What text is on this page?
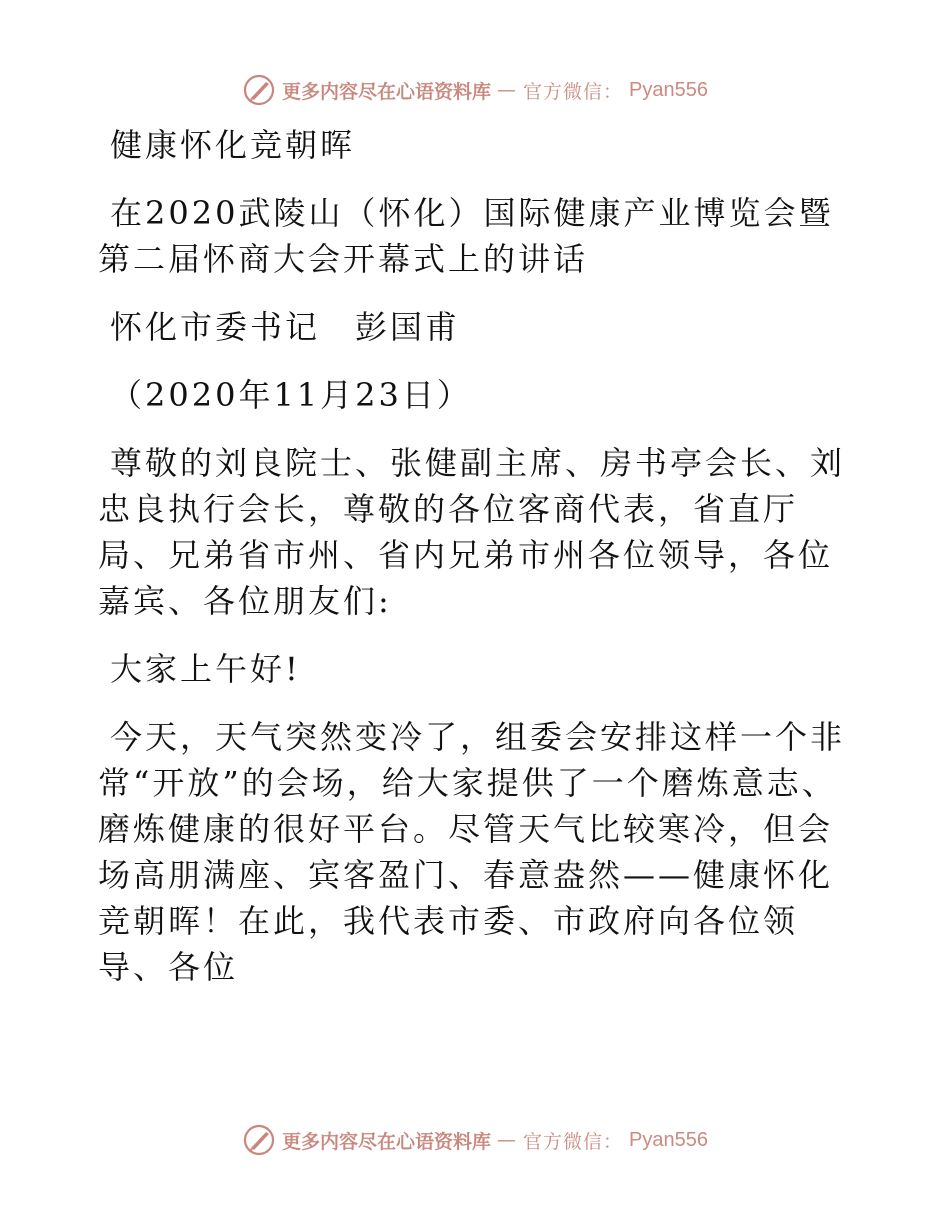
更多内容尽在心语资料库 — 官方微信： Pyan556

健康怀化竞朝晖

在2020武陵山（怀化）国际健康产业博览会暨第二届怀商大会开幕式上的讲话

怀化市委书记　彭国甫

（2020年11月23日）

尊敬的刘良院士、张健副主席、房书亭会长、刘忠良执行会长，尊敬的各位客商代表，省直厅局、兄弟省市州、省内兄弟市州各位领导，各位嘉宾、各位朋友们:

大家上午好!

今天，天气突然变冷了，组委会安排这样一个非常“开放”的会场，给大家提供了一个磨炼意志、磨炼健康的很好平台。尽管天气比较寒冷，但会场高朋满座、宾客盈门、春意盎然——健康怀化竞朝晖！在此，我代表市委、市政府向各位领导、各位

更多内容尽在心语资料库 — 官方微信： Pyan556
